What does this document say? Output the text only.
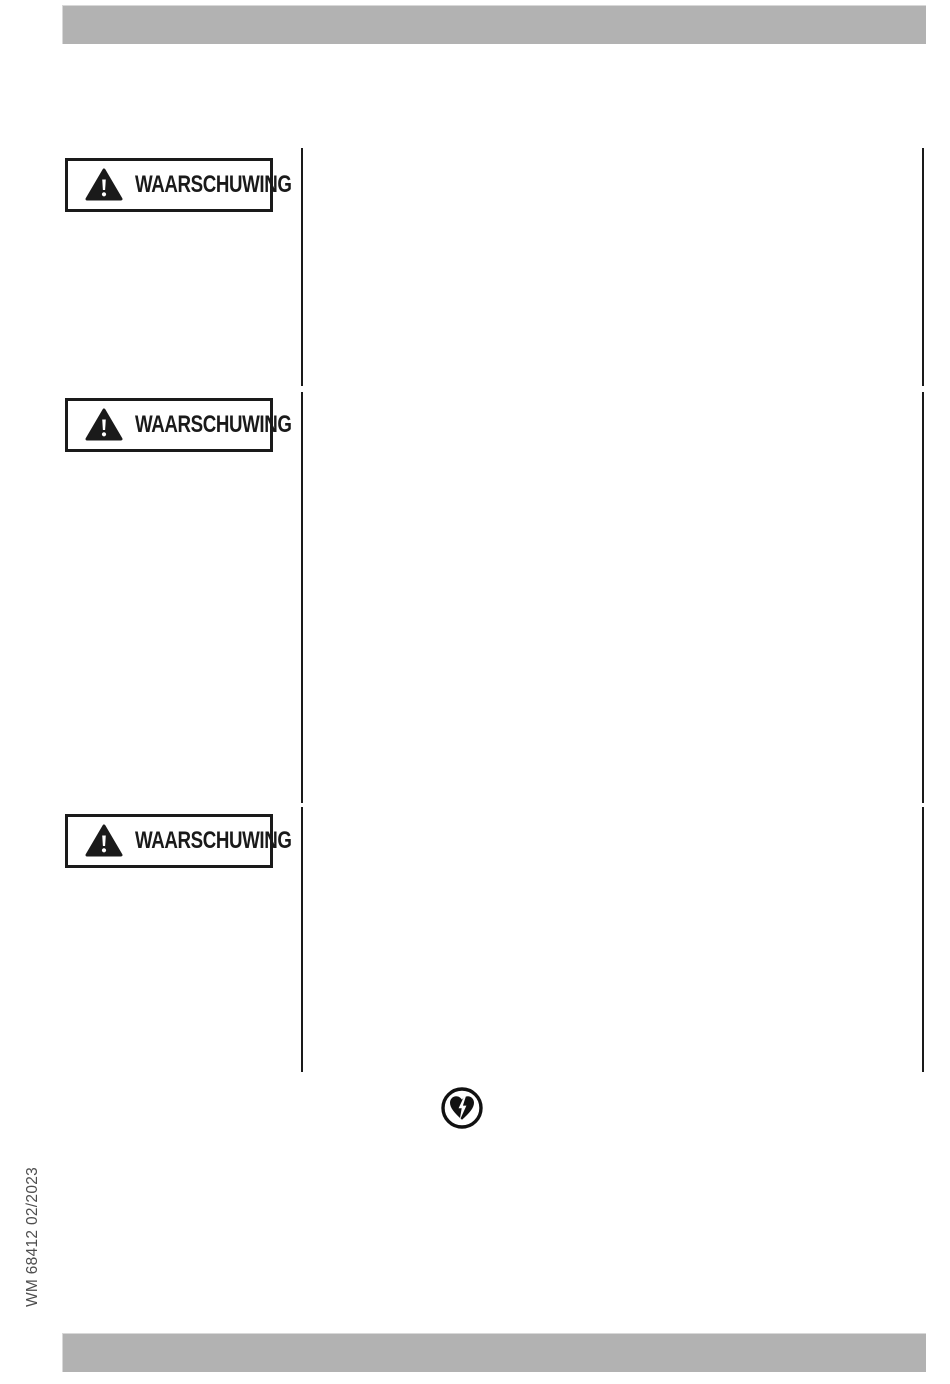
WAARSCHUWING
WAARSCHUWING
WAARSCHUWING
WM 68412 02/2023
